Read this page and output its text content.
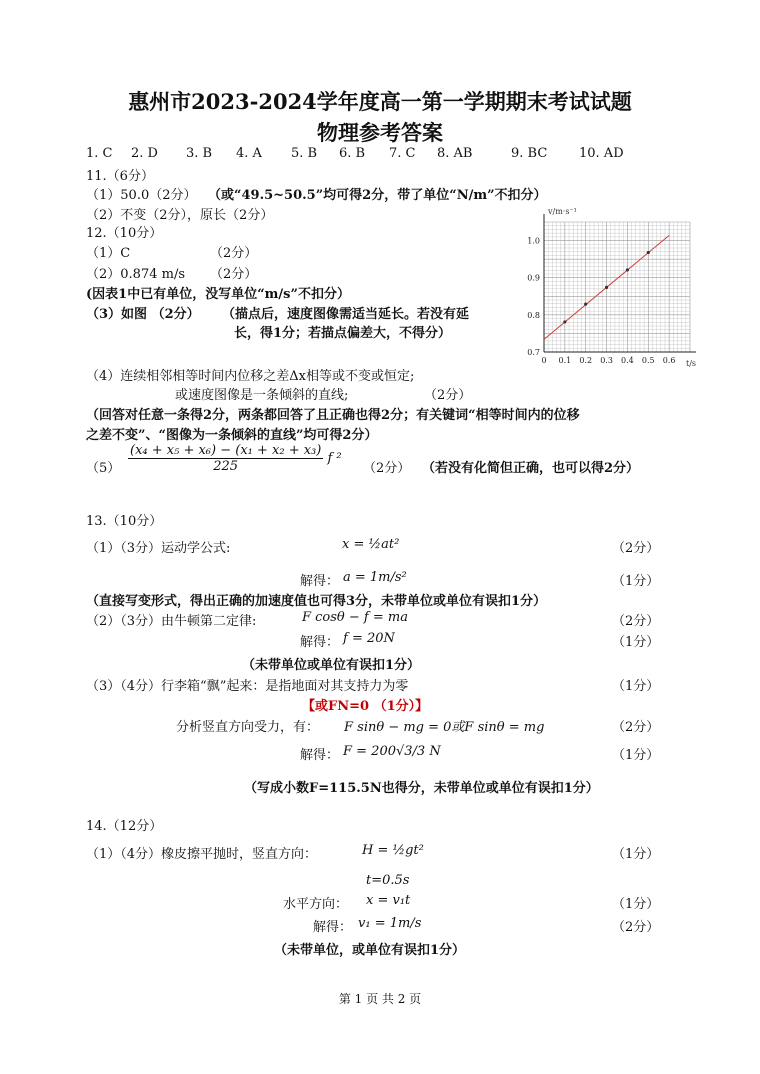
惠州市2023-2024学年度高一第一学期期末考试试题
物理参考答案
1. C 2. D 3. B 4. A 5. B 6. B 7. C 8. AB	9. BC 10. AD
11.（6分）
（1）50.0（2分） （或“49.5~50.5”均可得2分，带了单位“N/m”不扣分）
（2）不变（2分），原长（2分）
12.（10分）
（1）C	（2分）
（2）0.874 m/s （2分）
(因表1中已有单位，没写单位“m/s”不扣分）
（3）如图 （2分） （描点后，速度图像需适当延长。若没有延
长，得1分；若描点偏差大，不得分）
0 0.1 0.2 0.3 0.4 0.5 0.6
0.7
0.8
0.9
1.0
v/m·s⁻¹
t/s
（4）连续相邻相等时间内位移之差Δx相等或不变或恒定;
或速度图像是一条倾斜的直线;	（2分）
（回答对任意一条得2分，两条都回答了且正确也得2分；有关键词“相等时间内的位移
之差不变”、“图像为一条倾斜的直线”均可得2分）
$(5) \frac{\text{(x₄ + x₅ + x₆) − (x₁ + x₂ + x₃)}}{225}$ f ²
（2分） （若没有化简但正确，也可以得2分）
13.（10分）
（1）（3分）运动学公式:	x = ½at²	（2分）
解得： a = 1m/s²	（1分）
（直接写变形式，得出正确的加速度值也可得3分，未带单位或单位有误扣1分）
（2）（3分）由牛顿第二定律:	F cosθ − f = ma	（2分）
解得： f = 20N	（1分）
（未带单位或单位有误扣1分）
（3）（4分）行李箱“飘”起来：是指地面对其支持力为零	（1分）
【或FN=0 （1分）】
分析竖直方向受力，有： F sinθ − mg = 0或F sinθ = mg	（2分）
解得： F = 200√3/3 N	（1分）
（写成小数F=115.5N也得分，未带单位或单位有误扣1分）
14.（12分）
（1）（4分）橡皮擦平抛时，竖直方向：	H = ½gt²	（1分）
t=0.5s
水平方向： x = v₁t	（1分）
解得： v₁ = 1m/s	（2分）
（未带单位，或单位有误扣1分）
第 1 页 共 2 页
